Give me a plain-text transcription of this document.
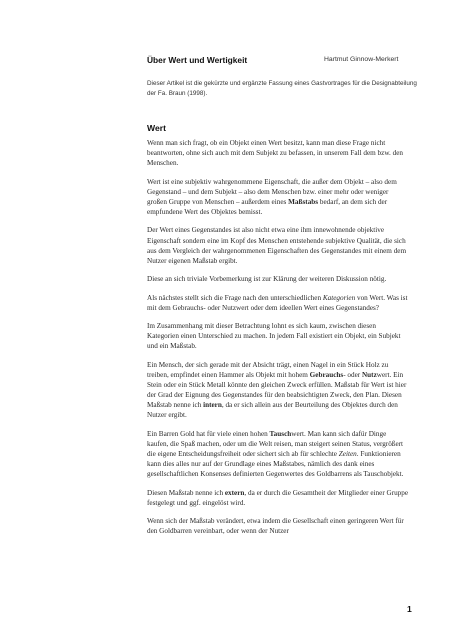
Über Wert und Wertigkeit	Hartmut Ginnow-Merkert
Dieser Artikel ist die gekürzte und ergänzte Fassung eines Gastvortrages für die Designabteilung der Fa. Braun (1998).
Wert

Wenn man sich fragt, ob ein Objekt einen Wert besitzt, kann man diese Frage nicht beantworten, ohne sich auch mit dem Subjekt zu befassen, in unserem Fall dem bzw. den Menschen.

Wert ist eine subjektiv wahrgenommene Eigenschaft, die außer dem Objekt – also dem Gegenstand – und dem Subjekt – also dem Menschen bzw. einer mehr oder weniger großen Gruppe von Menschen – außerdem eines Maßstabs bedarf, an dem sich der empfundene Wert des Objektes bemisst.

Der Wert eines Gegenstandes ist also nicht etwa eine ihm innewohnende objektive Eigenschaft sondern eine im Kopf des Menschen entstehende subjektive Qualität, die sich aus dem Vergleich der wahrgenommenen Eigenschaften des Gegenstandes mit einem dem Nutzer eigenen Maßstab ergibt.

Diese an sich triviale Vorbemerkung ist zur Klärung der weiteren Diskussion nötig.

Als nächstes stellt sich die Frage nach den unterschiedlichen Kategorien von Wert. Was ist mit dem Gebrauchs- oder Nutzwert oder dem ideellen Wert eines Gegenstandes?

Im Zusammenhang mit dieser Betrachtung lohnt es sich kaum, zwischen diesen Kategorien einen Unterschied zu machen. In jedem Fall existiert ein Objekt, ein Subjekt und ein Maßstab.

Ein Mensch, der sich gerade mit der Absicht trägt, einen Nagel in ein Stück Holz zu treiben, empfindet einen Hammer als Objekt mit hohem Gebrauchs- oder Nutzwert. Ein Stein oder ein Stück Metall könnte den gleichen Zweck erfüllen. Maßstab für Wert ist hier der Grad der Eignung des Gegenstandes für den beabsichtigten Zweck, den Plan. Diesen Maßstab nenne ich intern, da er sich allein aus der Beurteilung des Objektes durch den Nutzer ergibt.

Ein Barren Gold hat für viele einen hohen Tauschwert. Man kann sich dafür Dinge kaufen, die Spaß machen, oder um die Welt reisen, man steigert seinen Status, vergrößert die eigene Entscheidungsfreiheit oder sichert sich ab für schlechte Zeiten. Funktionieren kann dies alles nur auf der Grundlage eines Maßstabes, nämlich des dank eines gesellschaftlichen Konsenses definierten Gegenwertes des Goldbarrens als Tauschobjekt.

Diesen Maßstab nenne ich extern, da er durch die Gesamtheit der Mitglieder einer Gruppe festgelegt und ggf. eingelöst wird.

Wenn sich der Maßstab verändert, etwa indem die Gesellschaft einen geringeren Wert für den Goldbarren vereinbart, oder wenn der Nutzer

1
